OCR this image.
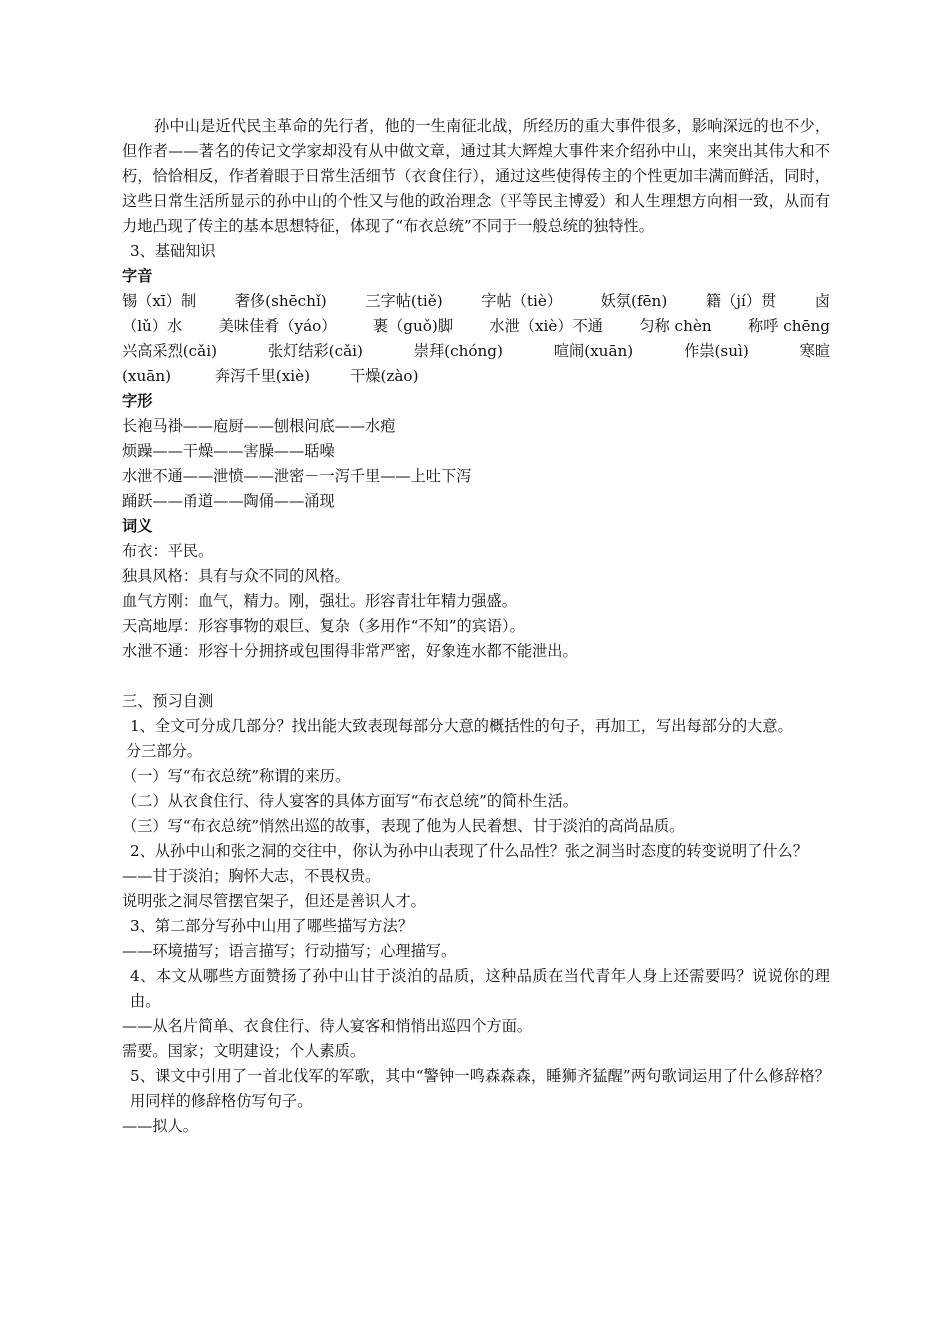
孙中山是近代民主革命的先行者，他的一生南征北战，所经历的重大事件很多，影响深远的也不少，但作者——著名的传记文学家却没有从中做文章，通过其大辉煌大事件来介绍孙中山，来突出其伟大和不朽，恰恰相反，作者着眼于日常生活细节（衣食住行），通过这些使得传主的个性更加丰满而鲜活，同时，这些日常生活所显示的孙中山的个性又与他的政治理念（平等民主博爱）和人生理想方向相一致，从而有力地凸现了传主的基本思想特征，体现了“布衣总统”不同于一般总统的独特性。

3、基础知识

字音

锡（xī）制	奢侈(shēchǐ)	三字帖(tiě)	字帖（tiè）	妖氛(fēn)	籍（jí）贯	卤
（lǔ）水 美味佳肴（yáo） 裹（guǒ)脚 水泄（xiè）不通 匀称 chèn 称呼 chēng
兴高采烈(cǎi)	张灯结彩(cǎi)	崇拜(chóng)	喧闹(xuān)	作祟(suì)	寒暄
(xuān)	奔泻千里(xiè)	干燥(zào)

字形

长袍马褂——庖厨——刨根问底——水疱

烦躁——干燥——害臊——聒噪

水泄不通——泄愤——泄密－一泻千里——上吐下泻

踊跃——甬道——陶俑——涌现

词义

布衣：平民。

独具风格：具有与众不同的风格。

血气方刚：血气，精力。刚，强壮。形容青壮年精力强盛。

天高地厚：形容事物的艰巨、复杂（多用作“不知”的宾语）。

水泄不通：形容十分拥挤或包围得非常严密，好象连水都不能泄出。

三、预习自测

1、全文可分成几部分？找出能大致表现每部分大意的概括性的句子，再加工，写出每部分的大意。

分三部分。

（一）写“布衣总统”称谓的来历。

（二）从衣食住行、待人宴客的具体方面写“布衣总统”的简朴生活。

（三）写“布衣总统”悄然出巡的故事，表现了他为人民着想、甘于淡泊的高尚品质。

2、从孙中山和张之洞的交往中，你认为孙中山表现了什么品性？张之洞当时态度的转变说明了什么？

——甘于淡泊；胸怀大志，不畏权贵。

说明张之洞尽管摆官架子，但还是善识人才。

3、第二部分写孙中山用了哪些描写方法？

——环境描写；语言描写；行动描写；心理描写。

4、本文从哪些方面赞扬了孙中山甘于淡泊的品质，这种品质在当代青年人身上还需要吗？说说你的理由。

——从名片简单、衣食住行、待人宴客和悄悄出巡四个方面。

需要。国家；文明建设；个人素质。

5、课文中引用了一首北伐军的军歌，其中“警钟一鸣森森森，睡狮齐猛醒”两句歌词运用了什么修辞格？用同样的修辞格仿写句子。

——拟人。
